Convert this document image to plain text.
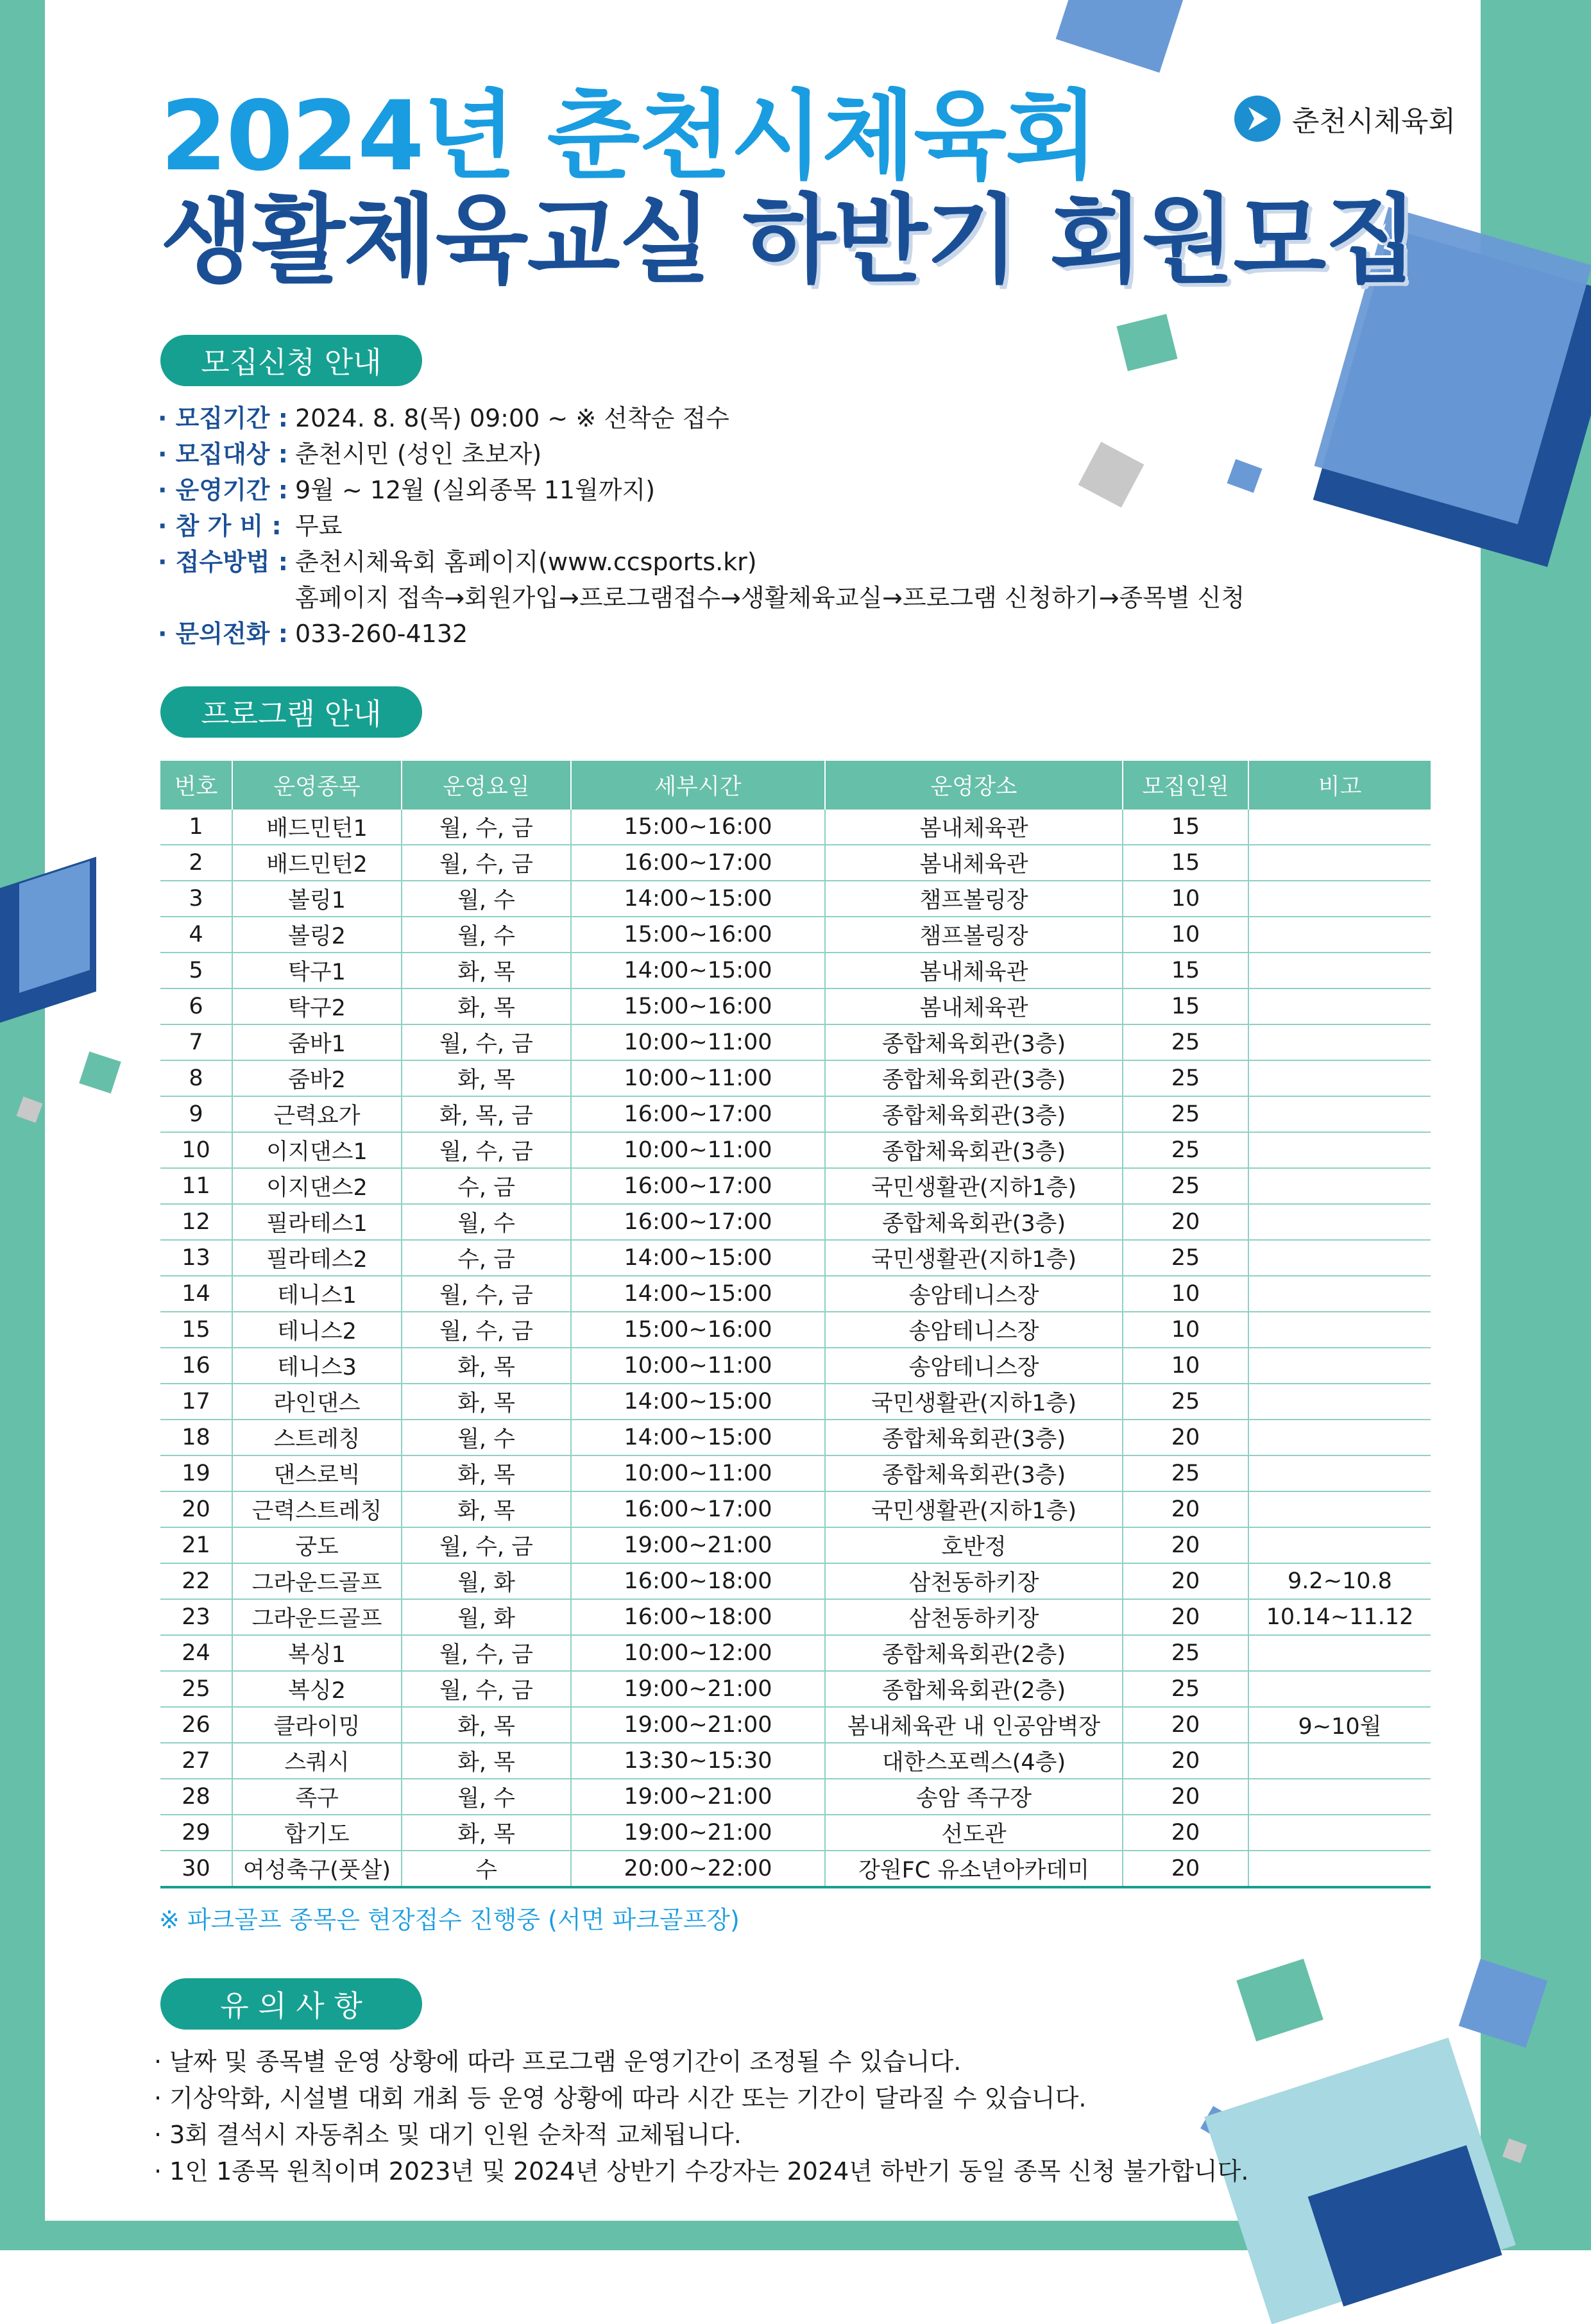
춘천시체육회
2024년 춘천시체육회
생활체육교실 하반기 회원모집
모집신청 안내
· 모집기간 : 2024. 8. 8(목) 09:00 ~ ※ 선착순 접수
· 모집대상 : 춘천시민 (성인 초보자)
· 운영기간 : 9월 ~ 12월 (실외종목 11월까지)
· 참 가 비 : 무료
· 접수방법 : 춘천시체육회 홈페이지(www.ccsports.kr)
홈페이지 접속→회원가입→프로그램접수→생활체육교실→프로그램 신청하기→종목별 신청
· 문의전화 : 033-260-4132
프로그램 안내
번호	운영종목	운영요일	세부시간	운영장소	모집인원	비고
1	배드민턴1	월, 수, 금	15:00~16:00	봄내체육관	15	
2	배드민턴2	월, 수, 금	16:00~17:00	봄내체육관	15	
3	볼링1	월, 수	14:00~15:00	챔프볼링장	10	
4	볼링2	월, 수	15:00~16:00	챔프볼링장	10	
5	탁구1	화, 목	14:00~15:00	봄내체육관	15	
6	탁구2	화, 목	15:00~16:00	봄내체육관	15	
7	줌바1	월, 수, 금	10:00~11:00	종합체육회관(3층)	25	
8	줌바2	화, 목	10:00~11:00	종합체육회관(3층)	25	
9	근력요가	화, 목, 금	16:00~17:00	종합체육회관(3층)	25	
10	이지댄스1	월, 수, 금	10:00~11:00	종합체육회관(3층)	25	
11	이지댄스2	수, 금	16:00~17:00	국민생활관(지하1층)	25	
12	필라테스1	월, 수	16:00~17:00	종합체육회관(3층)	20	
13	필라테스2	수, 금	14:00~15:00	국민생활관(지하1층)	25	
14	테니스1	월, 수, 금	14:00~15:00	송암테니스장	10	
15	테니스2	월, 수, 금	15:00~16:00	송암테니스장	10	
16	테니스3	화, 목	10:00~11:00	송암테니스장	10	
17	라인댄스	화, 목	14:00~15:00	국민생활관(지하1층)	25	
18	스트레칭	월, 수	14:00~15:00	종합체육회관(3층)	20	
19	댄스로빅	화, 목	10:00~11:00	종합체육회관(3층)	25	
20	근력스트레칭	화, 목	16:00~17:00	국민생활관(지하1층)	20	
21	궁도	월, 수, 금	19:00~21:00	호반정	20	
22	그라운드골프	월, 화	16:00~18:00	삼천동하키장	20	9.2~10.8
23	그라운드골프	월, 화	16:00~18:00	삼천동하키장	20	10.14~11.12
24	복싱1	월, 수, 금	10:00~12:00	종합체육회관(2층)	25	
25	복싱2	월, 수, 금	19:00~21:00	종합체육회관(2층)	25	
26	클라이밍	화, 목	19:00~21:00	봄내체육관 내 인공암벽장	20	9~10월
27	스쿼시	화, 목	13:30~15:30	대한스포렉스(4층)	20	
28	족구	월, 수	19:00~21:00	송암 족구장	20	
29	합기도	화, 목	19:00~21:00	선도관	20	
30	여성축구(풋살)	수	20:00~22:00	강원FC 유소년아카데미	20	
※ 파크골프 종목은 현장접수 진행중 (서면 파크골프장)
유 의 사 항
· 날짜 및 종목별 운영 상황에 따라 프로그램 운영기간이 조정될 수 있습니다.
· 기상악화, 시설별 대회 개최 등 운영 상황에 따라 시간 또는 기간이 달라질 수 있습니다.
· 3회 결석시 자동취소 및 대기 인원 순차적 교체됩니다.
· 1인 1종목 원칙이며 2023년 및 2024년 상반기 수강자는 2024년 하반기 동일 종목 신청 불가합니다.
